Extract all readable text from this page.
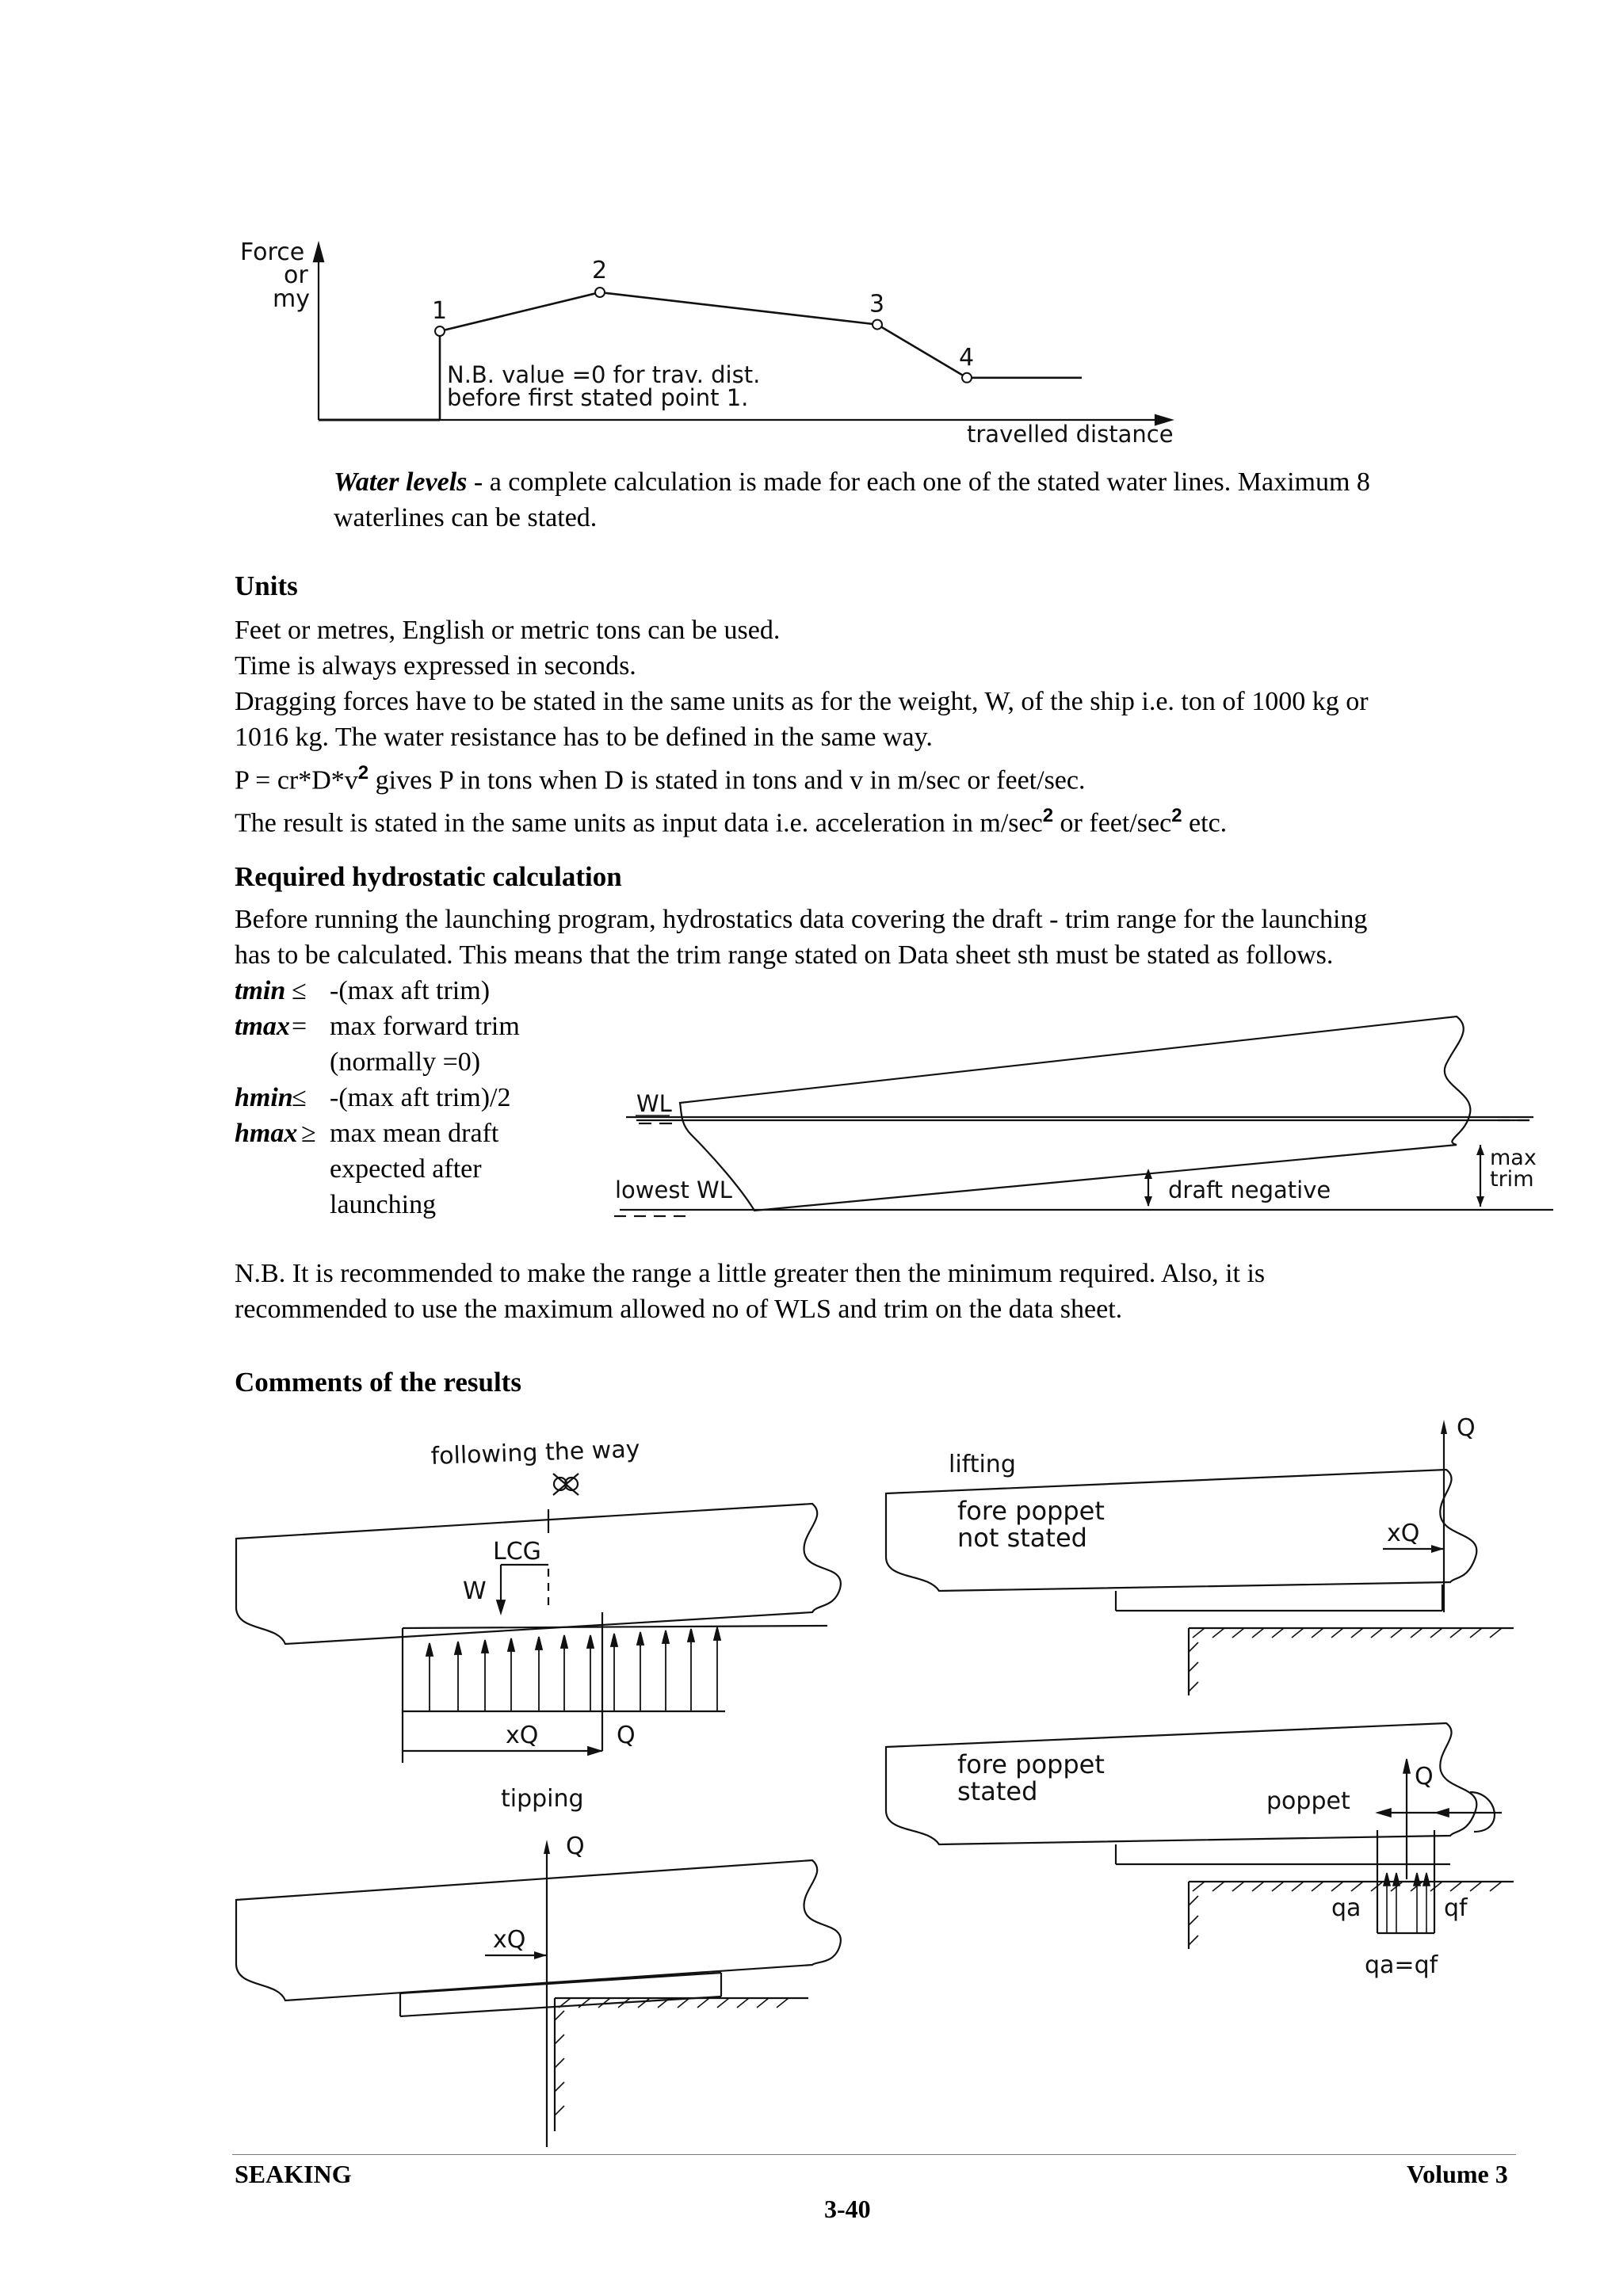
Force
or
my	1
2
3
4
N.B. value =0 for trav. dist.
before first stated point 1.
travelled distance
Water levels - a complete calculation is made for each one of the stated water lines. Maximum 8
waterlines can be stated.
Units
Feet or metres, English or metric tons can be used.
Time is always expressed in seconds.
Dragging forces have to be stated in the same units as for the weight, W, of the ship i.e. ton of 1000 kg or
1016 kg. The water resistance has to be defined in the same way.
$P = cr*D*v^2$ gives P in tons when D is stated in tons and v in m/sec or feet/sec.
The result is stated in the same units as input data i.e. acceleration in $m/\sec^2$ or feet/$\sec^2$ etc.
Required hydrostatic calculation
Before running the launching program, hydrostatics data covering the draft - trim range for the launching
has to be calculated. This means that the trim range stated on Data sheet sth must be stated as follows.
tmin ≤ -(max aft trim)
tmax= max forward trim
(normally =0)
hmin≤ -(max aft trim)/2
hmax ≥ max mean draft
expected after
launching
WL
lowest WL	draft negative
max
trim
N.B. It is recommended to make the range a little greater then the minimum required. Also, it is
recommended to use the maximum allowed no of WLS and trim on the data sheet.
Comments of the results
following the way
LCG
W
xQ	Q
tipping
Q
xQ
lifting
Q
fore poppet
not stated	xQ
fore poppet
stated	poppet
Q
qa	qf
qa=qf
SEAKING	Volume 3
3-40
